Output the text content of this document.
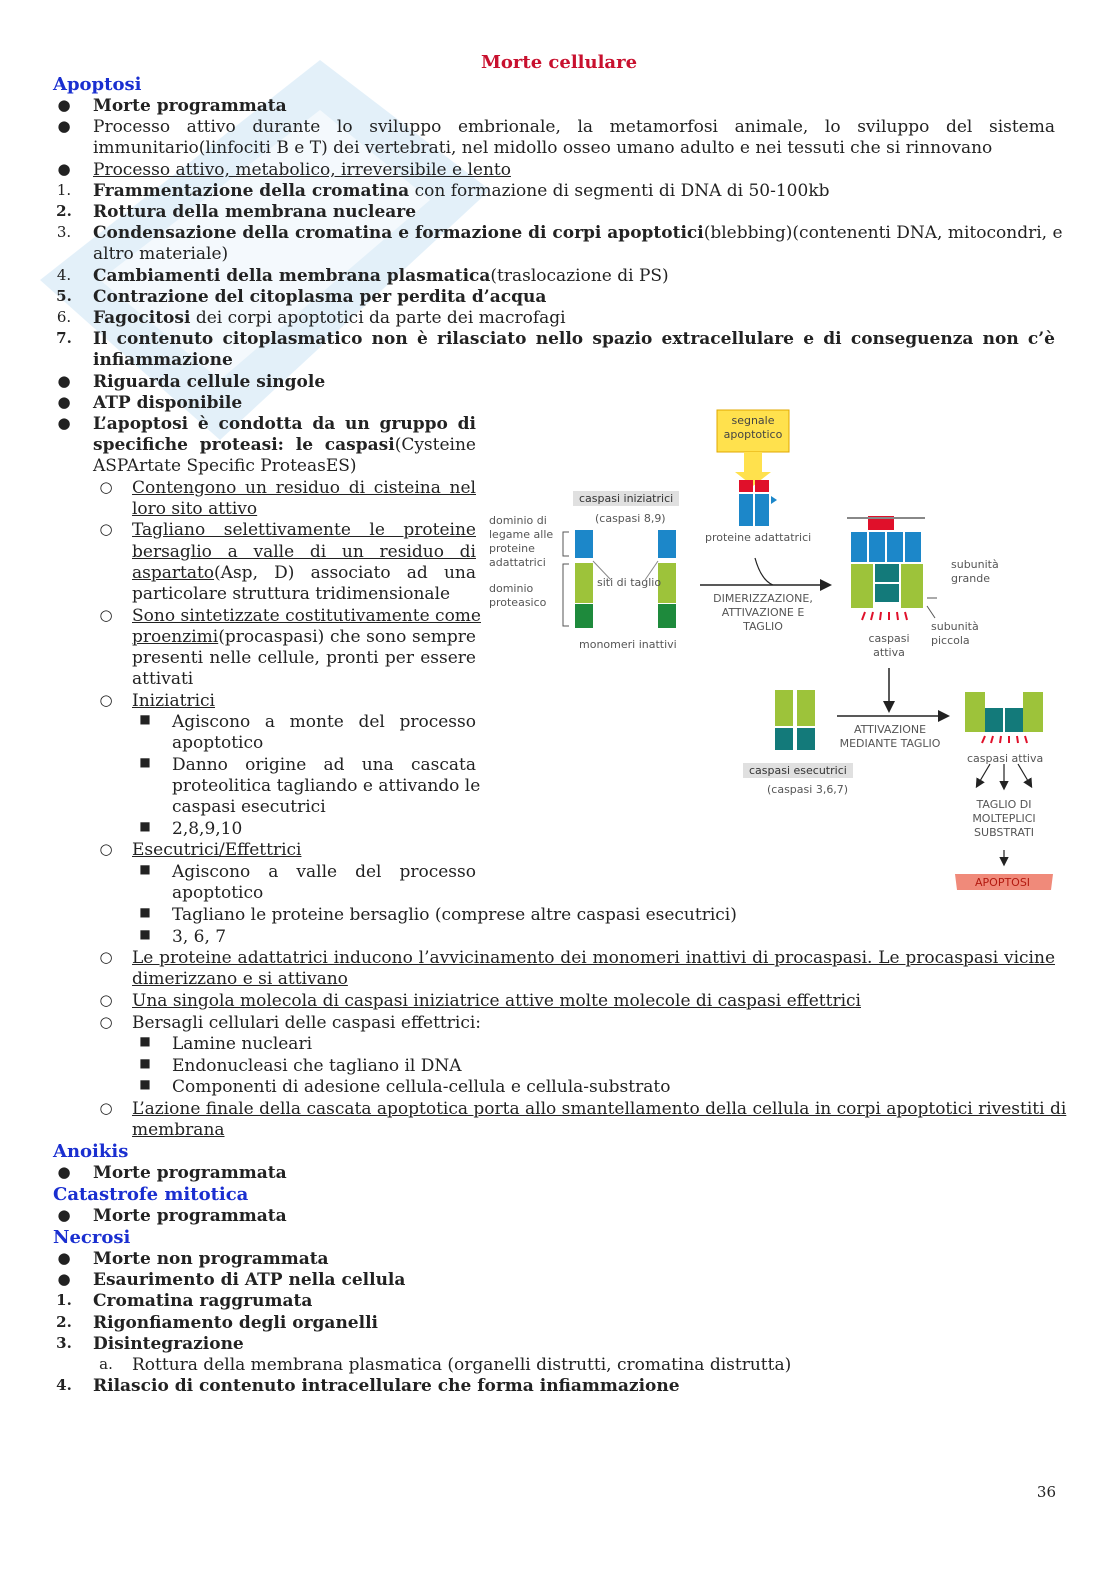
Morte cellulare
Apoptosi
● Morte programmata
● Processo attivo durante lo sviluppo embrionale, la metamorfosi animale, lo sviluppo del sistema
immunitario(linfociti B e T) dei vertebrati, nel midollo osseo umano adulto e nei tessuti che si rinnovano
● Processo attivo, metabolico, irreversibile e lento
1. Frammentazione della cromatina con formazione di segmenti di DNA di 50-100kb
2. Rottura della membrana nucleare
3. Condensazione della cromatina e formazione di corpi apoptotici(blebbing)(contenenti DNA, mitocondri, e
altro materiale)
4. Cambiamenti della membrana plasmatica(traslocazione di PS)
5. Contrazione del citoplasma per perdita d’acqua
6. Fagocitosi dei corpi apoptotici da parte dei macrofagi
7. Il contenuto citoplasmatico non è rilasciato nello spazio extracellulare e di conseguenza non c’è
infiammazione
● Riguarda cellule singole
● ATP disponibile
● L’apoptosi è condotta da un gruppo di
specifiche proteasi: le caspasi(Cysteine
ASPArtate Specific ProteasES)
○ Contengono un residuo di cisteina nel
loro sito attivo
○ Tagliano selettivamente le proteine
bersaglio a valle di un residuo di
aspartato(Asp, D) associato ad una
particolare struttura tridimensionale
○ Sono sintetizzate costitutivamente come
proenzimi(procaspasi) che sono sempre
presenti nelle cellule, pronti per essere
attivati
○ Iniziatrici
■	Agiscono a monte del processo
apoptotico
■	Danno origine ad una cascata
proteolitica tagliando e attivando le
caspasi esecutrici
■	2,8,9,10
○ Esecutrici/Effettrici
■	Agiscono a valle del processo
apoptotico
■	Tagliano le proteine bersaglio (comprese altre caspasi esecutrici)
■	3, 6, 7
○ Le proteine adattatrici inducono l’avvicinamento dei monomeri inattivi di procaspasi. Le procaspasi vicine
dimerizzano e si attivano
○ Una singola molecola di caspasi iniziatrice attive molte molecole di caspasi effettrici
○ Bersagli cellulari delle caspasi effettrici:
■	Lamine nucleari
■	Endonucleasi che tagliano il DNA
■	Componenti di adesione cellula-cellula e cellula-substrato
○ L’azione finale della cascata apoptotica porta allo smantellamento della cellula in corpi apoptotici rivestiti di
membrana
Anoikis
● Morte programmata
Catastrofe mitotica
● Morte programmata
Necrosi
● Morte non programmata
● Esaurimento di ATP nella cellula
1. Cromatina raggrumata
2. Rigonfiamento degli organelli
3. Disintegrazione
a. Rottura della membrana plasmatica (organelli distrutti, cromatina distrutta)
4. Rilascio di contenuto intracellulare che forma infiammazione
36
segnale apoptotico
caspasi iniziatrici
(caspasi 8,9)
dominio di legame alle proteine adattatrici
dominio proteasico
siti di taglio
monomeri inattivi
proteine adattatrici
DIMERIZZAZIONE, ATTIVAZIONE E TAGLIO
subunità grande
subunità piccola
caspasi attiva
ATTIVAZIONE MEDIANTE TAGLIO
caspasi esecutrici
(caspasi 3,6,7)
caspasi attiva
TAGLIO DI MOLTEPLICI SUBSTRATI
APOPTOSI
